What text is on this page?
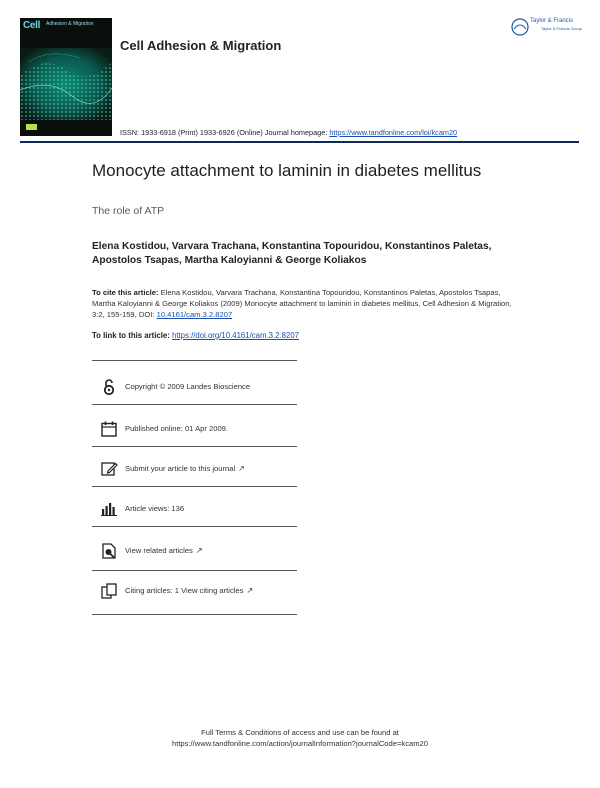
Cell Adhesion & Migration
Cell Adhesion & Migration
Taylor & Francis
Taylor & Francis Group
ISSN: 1933-6918 (Print) 1933-6926 (Online) Journal homepage: https://www.tandfonline.com/loi/kcam20
Monocyte attachment to laminin in diabetes mellitus
The role of ATP
Elena Kostidou, Varvara Trachana, Konstantina Topouridou, Konstantinos Paletas, Apostolos Tsapas, Martha Kaloyianni & George Koliakos
To cite this article: Elena Kostidou, Varvara Trachana, Konstantina Topouridou, Konstantinos Paletas, Apostolos Tsapas, Martha Kaloyianni & George Koliakos (2009) Monocyte attachment to laminin in diabetes mellitus, Cell Adhesion & Migration, 3:2, 155-159, DOI: 10.4161/cam.3.2.8207
To link to this article: https://doi.org/10.4161/cam.3.2.8207
Copyright © 2009 Landes Bioscience
Published online: 01 Apr 2009.
Submit your article to this journal ↗
Article views: 136
View related articles ↗
Citing articles: 1 View citing articles ↗
Full Terms & Conditions of access and use can be found at
https://www.tandfonline.com/action/journalInformation?journalCode=kcam20
